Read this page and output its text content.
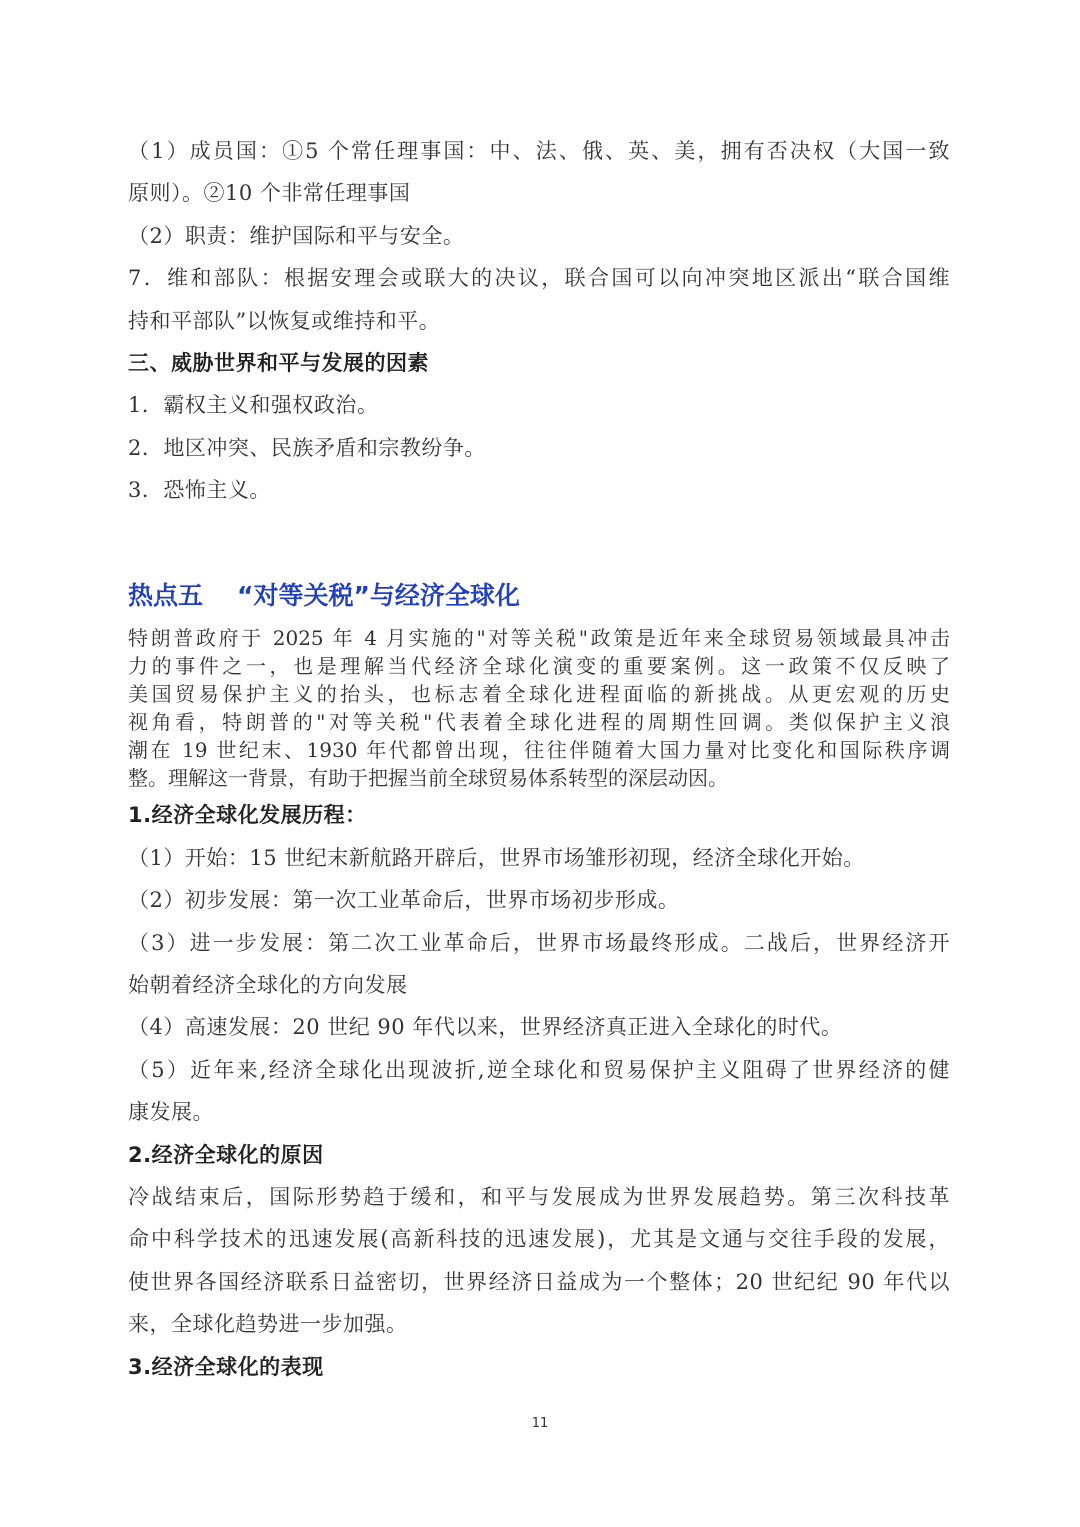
（1）成员国：①5 个常任理事国：中、法、俄、英、美，拥有否决权（大国一致
原则）。②10 个非常任理事国
（2）职责：维护国际和平与安全。
7．维和部队：根据安理会或联大的决议，联合国可以向冲突地区派出“联合国维
持和平部队”以恢复或维持和平。
三、威胁世界和平与发展的因素
1．霸权主义和强权政治。
2．地区冲突、民族矛盾和宗教纷争。
3．恐怖主义。
热点五 “对等关税”与经济全球化
特朗普政府于 2025 年 4 月实施的"对等关税"政策是近年来全球贸易领域最具冲击
力的事件之一，也是理解当代经济全球化演变的重要案例。这一政策不仅反映了
美国贸易保护主义的抬头，也标志着全球化进程面临的新挑战。从更宏观的历史
视角看，特朗普的"对等关税"代表着全球化进程的周期性回调。类似保护主义浪
潮在 19 世纪末、1930 年代都曾出现，往往伴随着大国力量对比变化和国际秩序调
整。理解这一背景，有助于把握当前全球贸易体系转型的深层动因。
1.经济全球化发展历程：
（1）开始：15 世纪末新航路开辟后，世界市场雏形初现，经济全球化开始。
（2）初步发展：第一次工业革命后，世界市场初步形成。
（3）进一步发展：第二次工业革命后，世界市场最终形成。二战后，世界经济开
始朝着经济全球化的方向发展
（4）高速发展：20 世纪 90 年代以来，世界经济真正进入全球化的时代。
（5）近年来,经济全球化出现波折,逆全球化和贸易保护主义阻碍了世界经济的健
康发展。
2.经济全球化的原因
冷战结束后，国际形势趋于缓和，和平与发展成为世界发展趋势。第三次科技革
命中科学技术的迅速发展(高新科技的迅速发展)，尤其是文通与交往手段的发展，
使世界各国经济联系日益密切，世界经济日益成为一个整体；20 世纪纪 90 年代以
来，全球化趋势进一步加强。
3.经济全球化的表现
11
